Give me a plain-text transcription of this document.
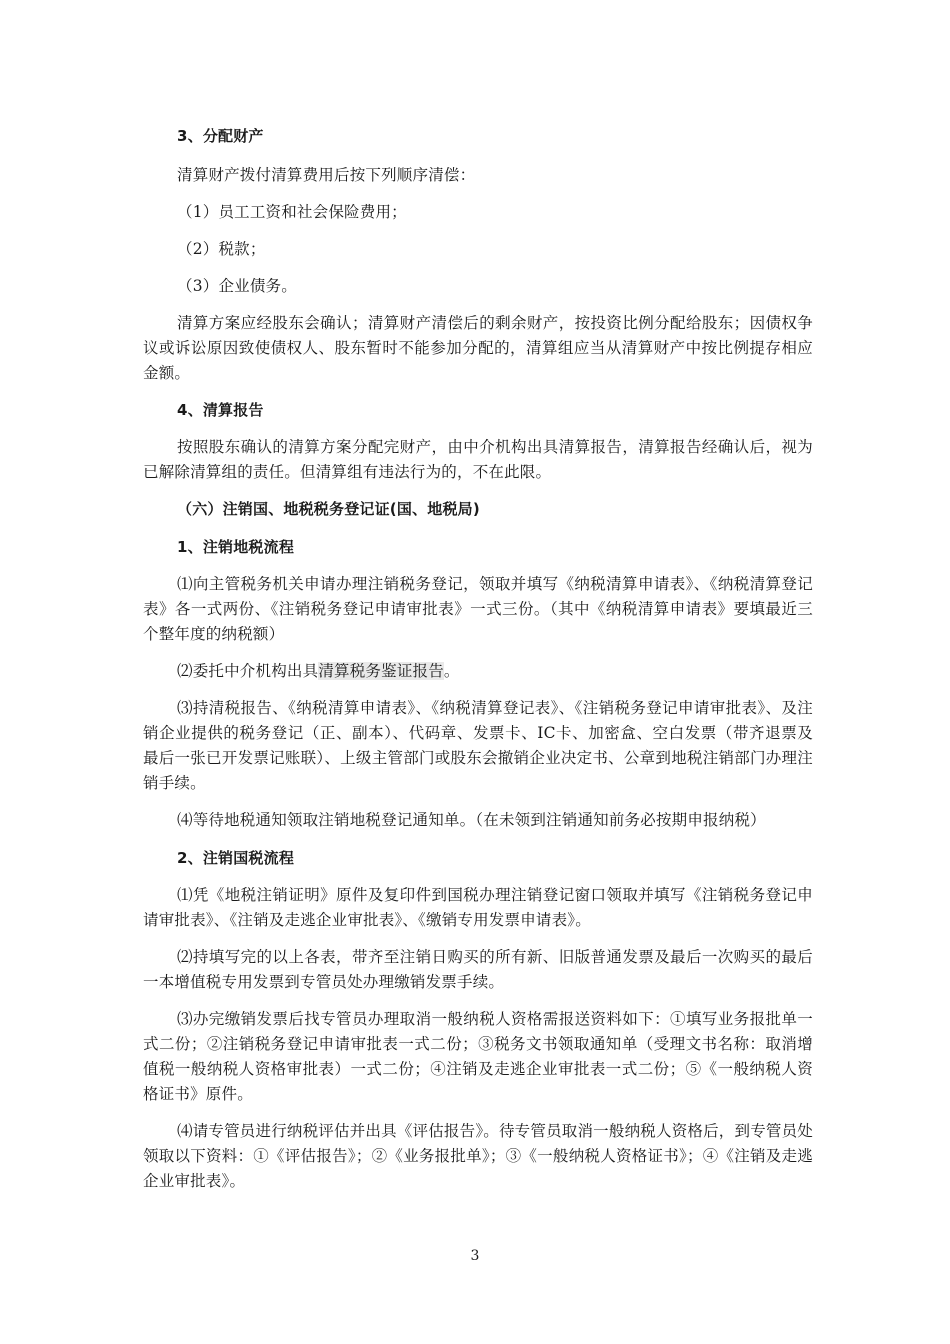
3、分配财产
清算财产拨付清算费用后按下列顺序清偿：
（1）员工工资和社会保险费用；
（2）税款；
（3）企业债务。
清算方案应经股东会确认；清算财产清偿后的剩余财产，按投资比例分配给股东；因债权争议或诉讼原因致使债权人、股东暂时不能参加分配的，清算组应当从清算财产中按比例提存相应金额。
4、清算报告
按照股东确认的清算方案分配完财产，由中介机构出具清算报告，清算报告经确认后，视为已解除清算组的责任。但清算组有违法行为的，不在此限。
（六）注销国、地税税务登记证(国、地税局)
1、注销地税流程
⑴向主管税务机关申请办理注销税务登记，领取并填写《纳税清算申请表》、《纳税清算登记表》各一式两份、《注销税务登记申请审批表》一式三份。（其中《纳税清算申请表》要填最近三个整年度的纳税额）
⑵委托中介机构出具清算税务鉴证报告。
⑶持清税报告、《纳税清算申请表》、《纳税清算登记表》、《注销税务登记申请审批表》、及注销企业提供的税务登记（正、副本）、代码章、发票卡、IC卡、加密盒、空白发票（带齐退票及最后一张已开发票记账联）、上级主管部门或股东会撤销企业决定书、公章到地税注销部门办理注销手续。
⑷等待地税通知领取注销地税登记通知单。（在未领到注销通知前务必按期申报纳税）
2、注销国税流程
⑴凭《地税注销证明》原件及复印件到国税办理注销登记窗口领取并填写《注销税务登记申请审批表》、《注销及走逃企业审批表》、《缴销专用发票申请表》。
⑵持填写完的以上各表，带齐至注销日购买的所有新、旧版普通发票及最后一次购买的最后一本增值税专用发票到专管员处办理缴销发票手续。
⑶办完缴销发票后找专管员办理取消一般纳税人资格需报送资料如下：①填写业务报批单一式二份；②注销税务登记申请审批表一式二份；③税务文书领取通知单（受理文书名称：取消增值税一般纳税人资格审批表）一式二份；④注销及走逃企业审批表一式二份；⑤《一般纳税人资格证书》原件。
⑷请专管员进行纳税评估并出具《评估报告》。待专管员取消一般纳税人资格后，到专管员处领取以下资料：①《评估报告》；②《业务报批单》；③《一般纳税人资格证书》；④《注销及走逃企业审批表》。
3
